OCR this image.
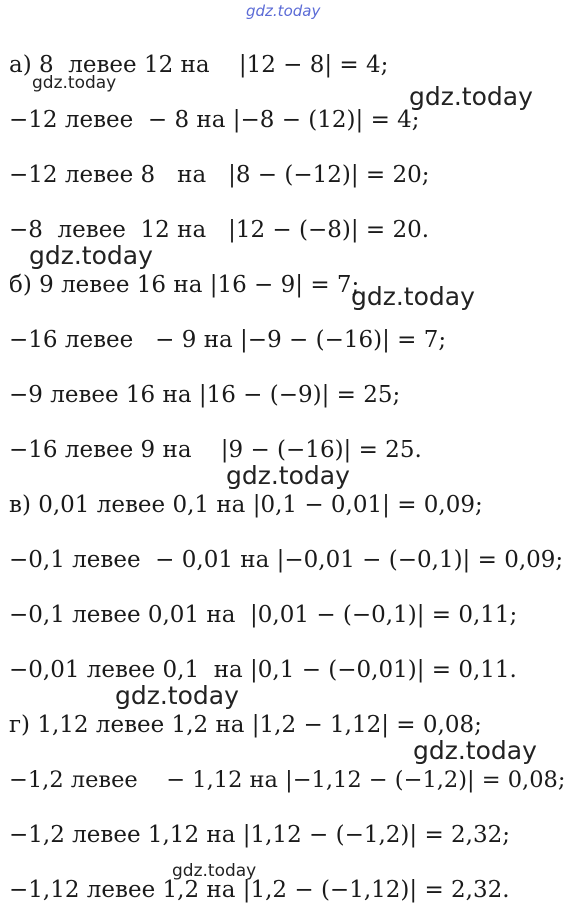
gdz.today
gdz.today	gdz.today
gdz.today
gdz.today
gdz.today
gdz.today
gdz.today
gdz.today
а) 8  левее 12 на    |12 − 8| = 4;
−12 левее  − 8 на |−8 − (12)| = 4;
−12 левее 8   на   |8 − (−12)| = 20;
−8  левее  12 на   |12 − (−8)| = 20.
б) 9 левее 16 на |16 − 9| = 7;
−16 левее   − 9 на |−9 − (−16)| = 7;
−9 левее 16 на |16 − (−9)| = 25;
−16 левее 9 на    |9 − (−16)| = 25.
в) 0,01 левее 0,1 на |0,1 − 0,01| = 0,09;
−0,1 левее  − 0,01 на |−0,01 − (−0,1)| = 0,09;
−0,1 левее 0,01 на  |0,01 − (−0,1)| = 0,11;
−0,01 левее 0,1  на |0,1 − (−0,01)| = 0,11.
г) 1,12 левее 1,2 на |1,2 − 1,12| = 0,08;
−1,2 левее    − 1,12 на |−1,12 − (−1,2)| = 0,08;
−1,2 левее 1,12 на |1,12 − (−1,2)| = 2,32;
−1,12 левее 1,2 на |1,2 − (−1,12)| = 2,32.
